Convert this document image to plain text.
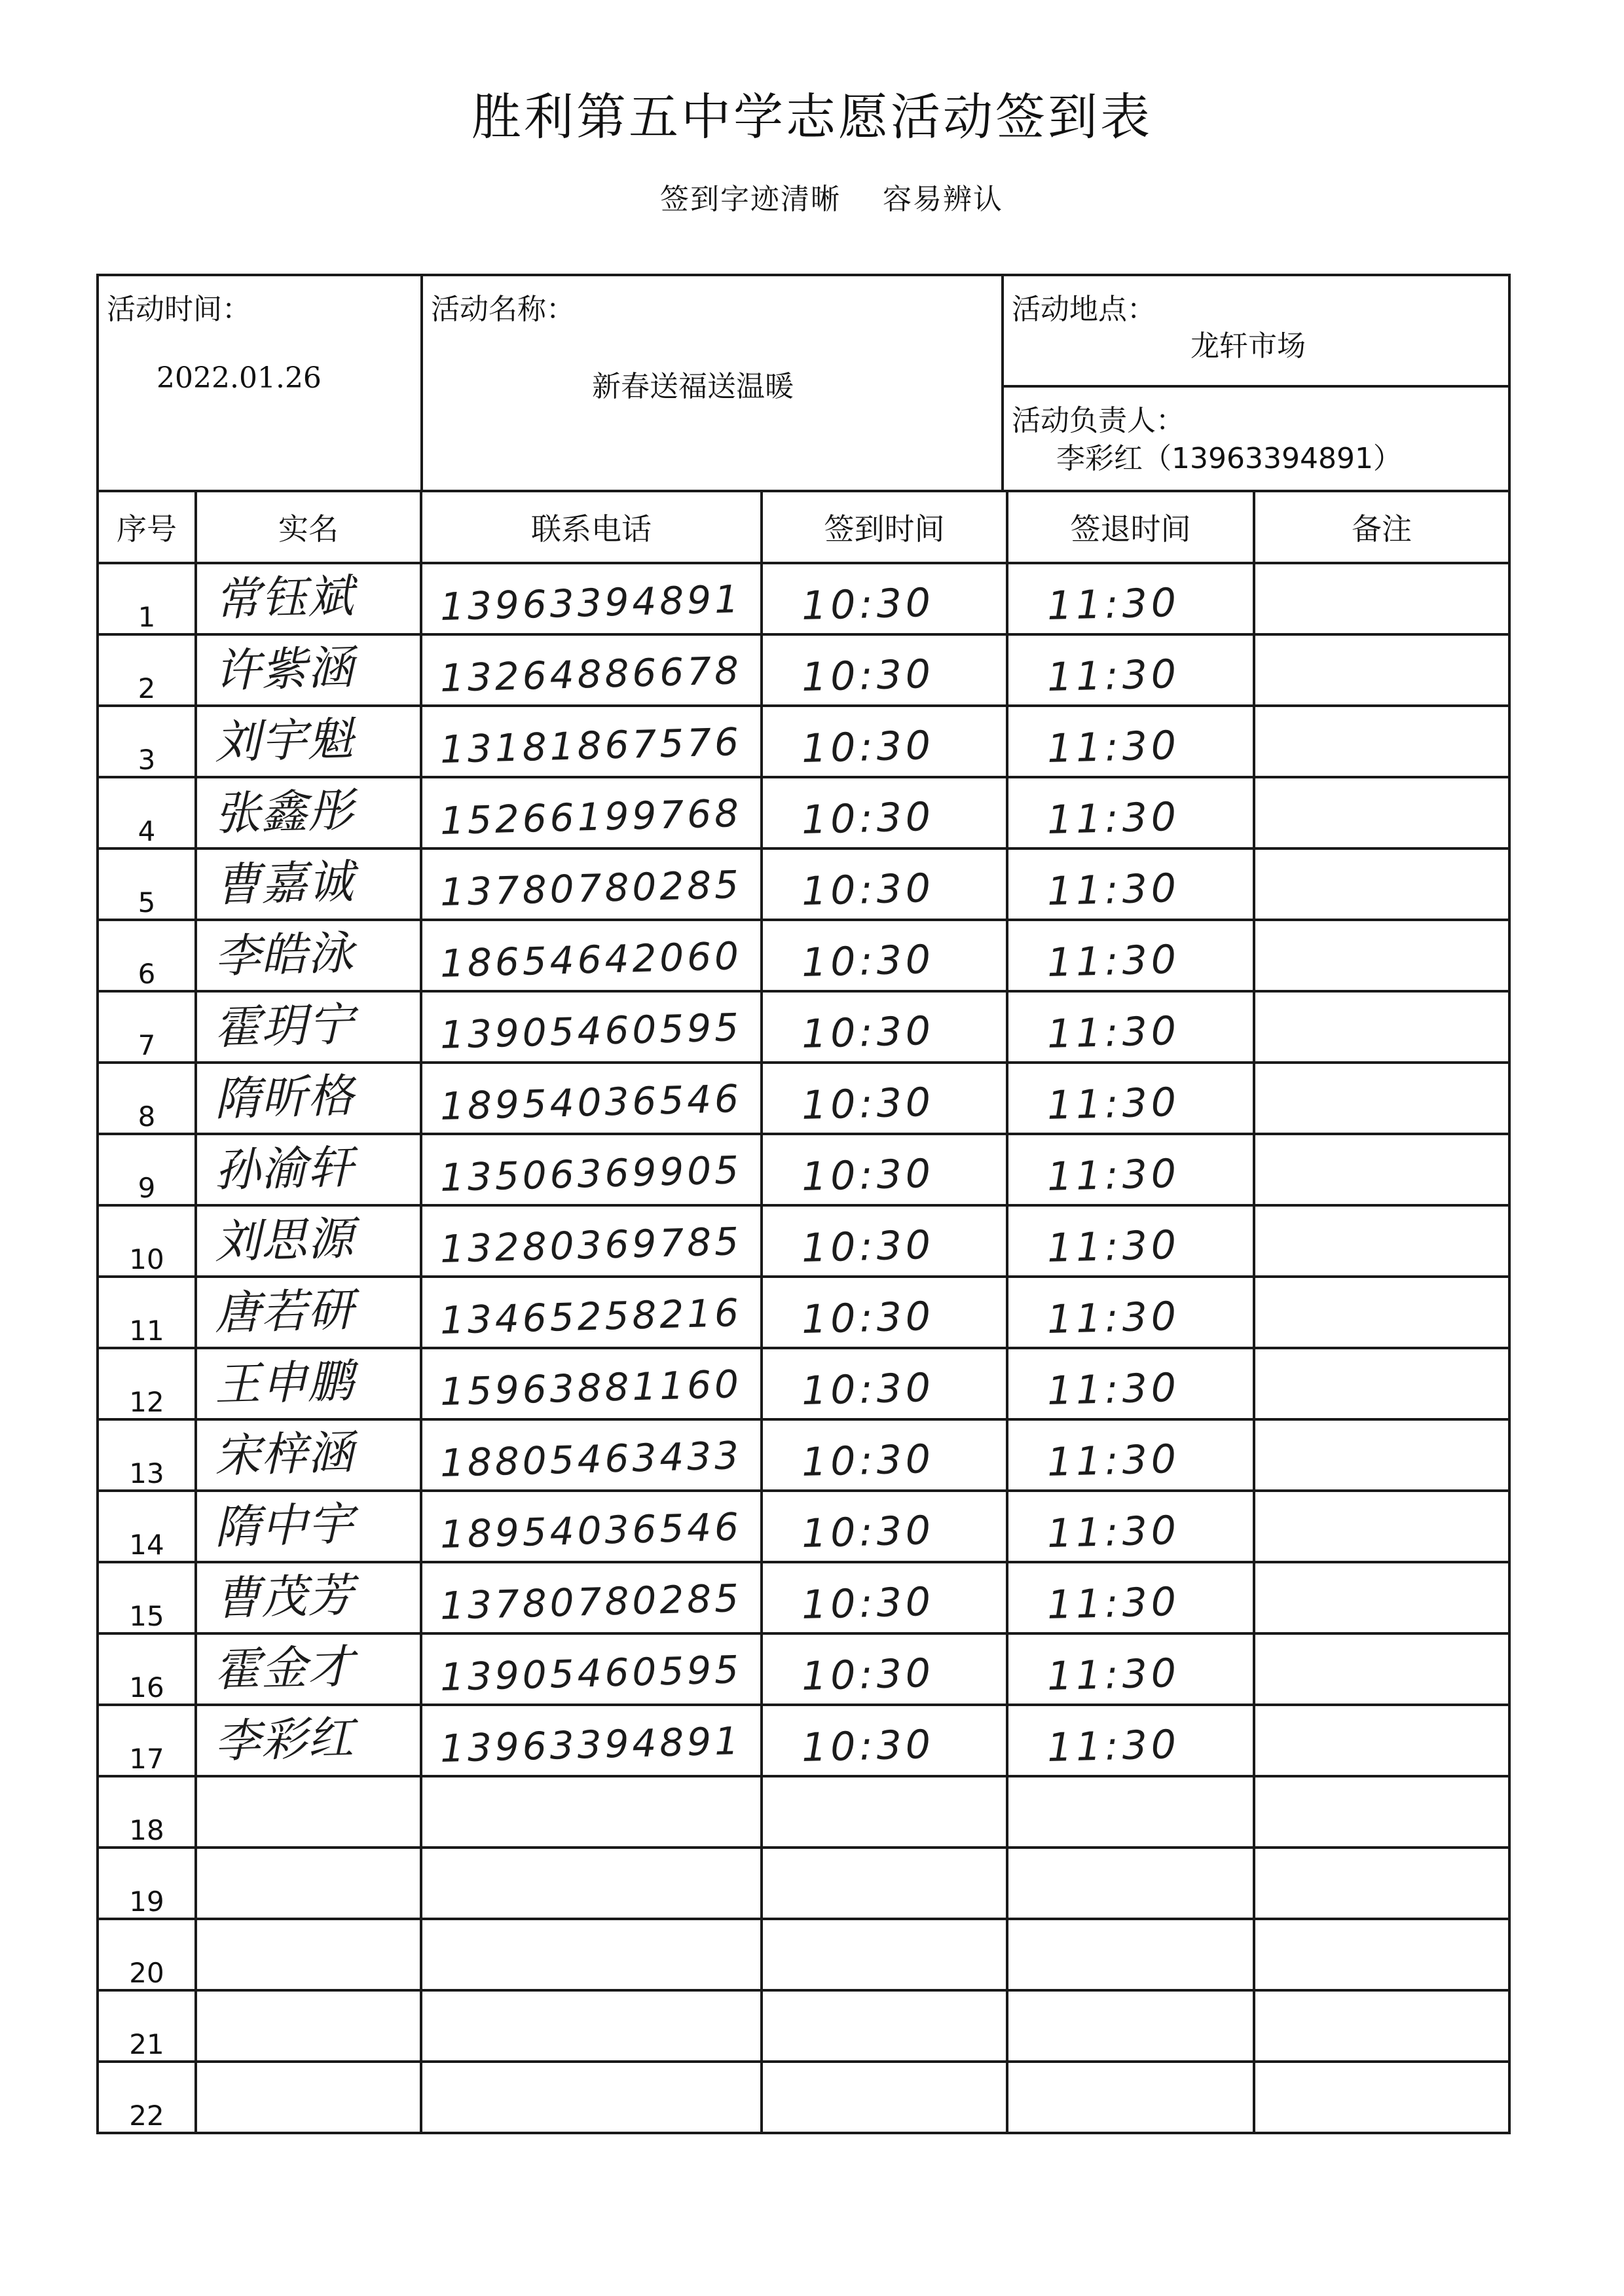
胜利第五中学志愿活动签到表
签到字迹清晰    容易辨认
活动时间：
2022.01.26

活动名称：
新春送福送温暖

活动地点：
龙轩市场

活动负责人：
李彩红（13963394891）
序号	实名	联系电话	签到时间	签退时间	备注
1	常钰斌	13963394891	10:30	11:30	

2	许紫涵	13264886678	10:30	11:30	

3	刘宇魁	13181867576	10:30	11:30	

4	张鑫彤	15266199768	10:30	11:30	

5	曹嘉诚	13780780285	10:30	11:30	

6	李皓泳	18654642060	10:30	11:30	

7	霍玥宁	13905460595	10:30	11:30	

8	隋昕格	18954036546	10:30	11:30	

9	孙渝轩	13506369905	10:30	11:30	

10	刘思源	13280369785	10:30	11:30	

11	唐若研	13465258216	10:30	11:30	

12	王申鹏	15963881160	10:30	11:30	

13	宋梓涵	18805463433	10:30	11:30	

14	隋中宇	18954036546	10:30	11:30	

15	曹茂芳	13780780285	10:30	11:30	

16	霍金才	13905460595	10:30	11:30	

17	李彩红	13963394891	10:30	11:30	

18	

19	

20	

21	

22	
